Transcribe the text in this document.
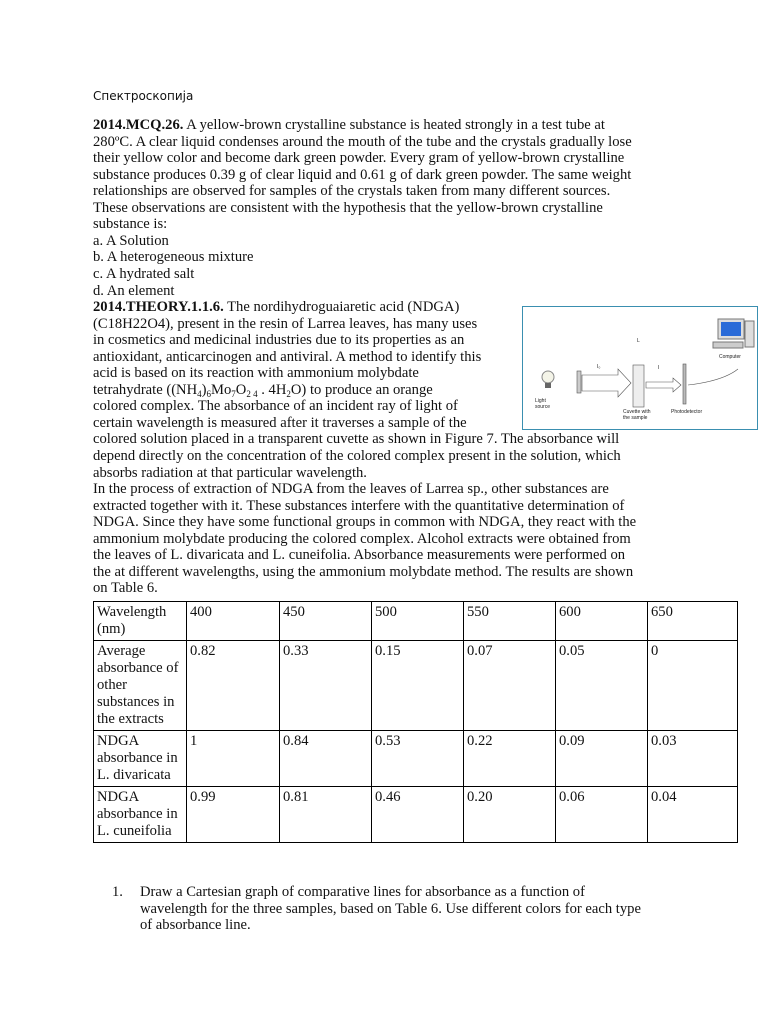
Спектроскопија
2014.MCQ.26. A yellow-brown crystalline substance is heated strongly in a test tube at
280ºC. A clear liquid condenses around the mouth of the tube and the crystals gradually lose
their yellow color and become dark green powder. Every gram of yellow-brown crystalline
substance produces 0.39 g of clear liquid and 0.61 g of dark green powder. The same weight
relationships are observed for samples of the crystals taken from many different sources.
These observations are consistent with the hypothesis that the yellow-brown crystalline
substance is:
a. A Solution
b. A heterogeneous mixture
c. A hydrated salt
d. An element
2014.THEORY.1.1.6. The nordihydroguaiaretic acid (NDGA)
(C18H22O4), present in the resin of Larrea leaves, has many uses
in cosmetics and medicinal industries due to its properties as an
antioxidant, anticarcinogen and antiviral. A method to identify this
acid is based on its reaction with ammonium molybdate
tetrahydrate ($(NH_4)_6Mo_7O_{2 4}$ . $4H_2O$) to produce an orange
colored complex. The absorbance of an incident ray of light of
certain wavelength is measured after it traverses a sample of the
colored solution placed in a transparent cuvette as shown in Figure 7. The absorbance will
depend directly on the concentration of the colored complex present in the solution, which
absorbs radiation at that particular wavelength.
In the process of extraction of NDGA from the leaves of Larrea sp., other substances are
extracted together with it. These substances interfere with the quantitative determination of
NDGA. Since they have some functional groups in common with NDGA, they react with the
ammonium molybdate producing the colored complex. Alcohol extracts were obtained from
the leaves of L. divaricata and L. cuneifolia. Absorbance measurements were performed on
the at different wavelengths, using the ammonium molybdate method. The results are shown
on Table 6.
L
I₀	I
Computer
Light source
Cuvette with the sample
Photodetector
Wavelength (nm)	400	450	500	550	600	650
Average absorbance of other substances in the extracts	0.82	0.33	0.15	0.07	0.05	0
NDGA absorbance in L. divaricata	1	0.84	0.53	0.22	0.09	0.03
NDGA absorbance in L. cuneifolia	0.99	0.81	0.46	0.20	0.06	0.04
1. Draw a Cartesian graph of comparative lines for absorbance as a function of
wavelength for the three samples, based on Table 6. Use different colors for each type
of absorbance line.
